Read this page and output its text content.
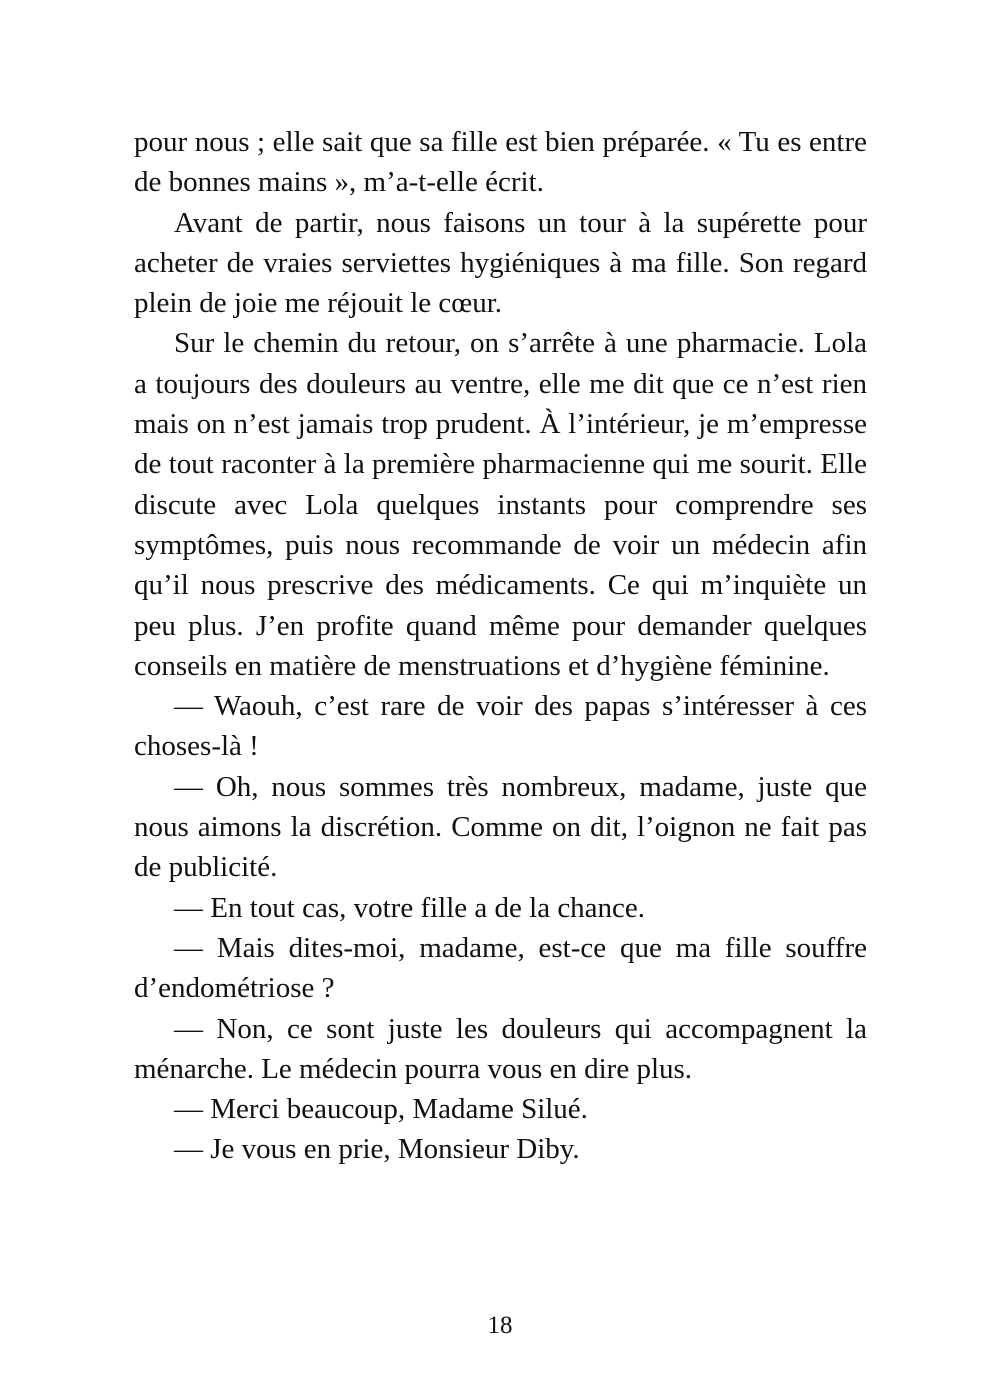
pour nous ; elle sait que sa fille est bien préparée. « Tu es entre de bonnes mains », m’a-t-elle écrit.

Avant de partir, nous faisons un tour à la supérette pour acheter de vraies serviettes hygiéniques à ma fille. Son regard plein de joie me réjouit le cœur.

Sur le chemin du retour, on s’arrête à une pharmacie. Lola a toujours des douleurs au ventre, elle me dit que ce n’est rien mais on n’est jamais trop prudent. À l’intérieur, je m’empresse de tout raconter à la première pharmacienne qui me sourit. Elle discute avec Lola quelques instants pour comprendre ses symptômes, puis nous recommande de voir un médecin afin qu’il nous prescrive des médicaments. Ce qui m’inquiète un peu plus. J’en profite quand même pour demander quelques conseils en matière de menstruations et d’hygiène féminine.

— Waouh, c’est rare de voir des papas s’intéresser à ces choses-là !

— Oh, nous sommes très nombreux, madame, juste que nous aimons la discrétion. Comme on dit, l’oignon ne fait pas de publicité.

— En tout cas, votre fille a de la chance.

— Mais dites-moi, madame, est-ce que ma fille souffre d’endométriose ?

— Non, ce sont juste les douleurs qui accompagnent la ménarche. Le médecin pourra vous en dire plus.

— Merci beaucoup, Madame Silué.

— Je vous en prie, Monsieur Diby.

18
